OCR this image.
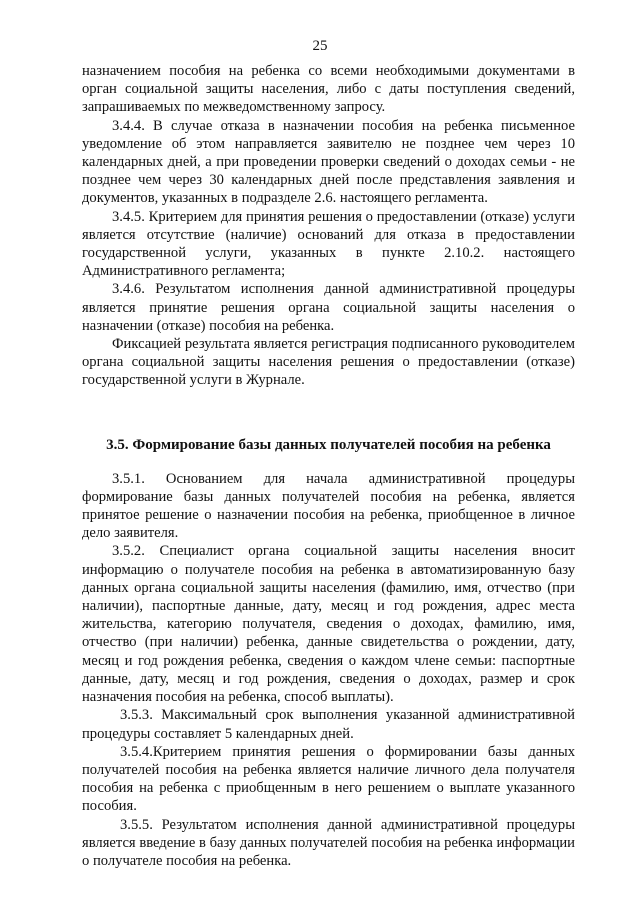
25

назначением пособия на ребенка со всеми необходимыми документами в орган социальной защиты населения, либо с даты поступления сведений, запрашиваемых по межведомственному запросу.

3.4.4. В случае отказа в назначении пособия на ребенка письменное уведомление об этом направляется заявителю не позднее чем через 10 календарных дней, а при проведении проверки сведений о доходах семьи - не позднее чем через 30 календарных дней после представления заявления и документов, указанных в подразделе 2.6. настоящего регламента.

3.4.5. Критерием для принятия решения о предоставлении (отказе) услуги является отсутствие (наличие) оснований для отказа в предоставлении государственной услуги, указанных в пункте 2.10.2. настоящего Административного регламента;

3.4.6. Результатом исполнения данной административной процедуры является принятие решения органа социальной защиты населения о назначении (отказе) пособия на ребенка.

Фиксацией результата является регистрация подписанного руководителем органа социальной защиты населения решения о предоставлении (отказе) государственной услуги в Журнале.

3.5. Формирование базы данных получателей пособия на ребенка

3.5.1. Основанием для начала административной процедуры формирование базы данных получателей пособия на ребенка, является принятое решение о назначении пособия на ребенка, приобщенное в личное дело заявителя.

3.5.2. Специалист органа социальной защиты населения вносит информацию о получателе пособия на ребенка в автоматизированную базу данных органа социальной защиты населения (фамилию, имя, отчество (при наличии), паспортные данные, дату, месяц и год рождения, адрес места жительства, категорию получателя, сведения о доходах, фамилию, имя, отчество (при наличии) ребенка, данные свидетельства о рождении, дату, месяц и год рождения ребенка, сведения о каждом члене семьи: паспортные данные, дату, месяц и год рождения, сведения о доходах, размер и срок назначения пособия на ребенка, способ выплаты).

3.5.3. Максимальный срок выполнения указанной административной процедуры составляет 5 календарных дней.

3.5.4.Критерием принятия решения о формировании базы данных получателей пособия на ребенка является наличие личного дела получателя пособия на ребенка с приобщенным в него решением о выплате указанного пособия.

3.5.5. Результатом исполнения данной административной процедуры является введение в базу данных получателей пособия на ребенка информации о получателе пособия на ребенка.
